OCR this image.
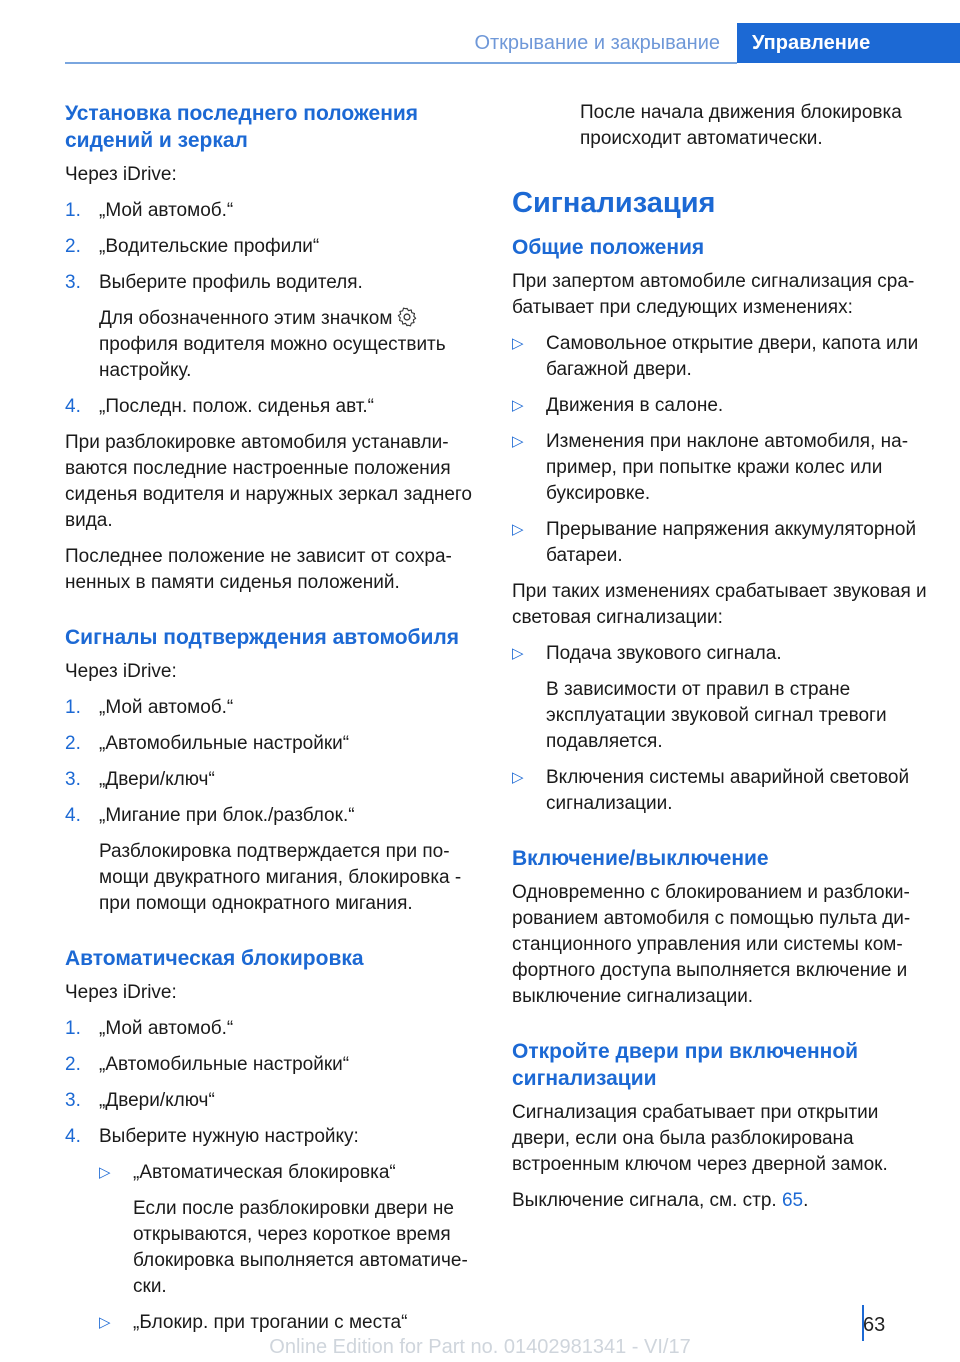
Открывание и закрывание	Управление
Установка последнего положения сидений и зеркал
Через iDrive:
1. „Мой автомоб.“
2. „Водительские профили“
3. Выберите профиль водителя.
Для обозначенного этим значком
профиля водителя можно осуществить настройку.
4. „Последн. полож. сиденья авт.“
При разблокировке автомобиля устанавливаются последние настроенные положения сиденья водителя и наружных зеркал заднего вида.
Последнее положение не зависит от сохраненных в памяти сиденья положений.
Сигналы подтверждения автомобиля
Через iDrive:
1. „Мой автомоб.“
2. „Автомобильные настройки“
3. „Двери/ключ“
4. „Мигание при блок./разблок.“
Разблокировка подтверждается при помощи двукратного мигания, блокировка - при помощи однократного мигания.
Автоматическая блокировка
Через iDrive:
1. „Мой автомоб.“
2. „Автомобильные настройки“
3. „Двери/ключ“
4. Выберите нужную настройку:
▷	„Автоматическая блокировка“
Если после разблокировки двери не открываются, через короткое время блокировка выполняется автоматически.
▷	„Блокир. при трогании с места“
После начала движения блокировка происходит автоматически.
Сигнализация
Общие положения
При запертом автомобиле сигнализация срабатывает при следующих изменениях:
▷	Самовольное открытие двери, капота или багажной двери.
▷	Движения в салоне.
▷	Изменения при наклоне автомобиля, например, при попытке кражи колес или буксировке.
▷	Прерывание напряжения аккумуляторной батареи.
При таких изменениях срабатывает звуковая и световая сигнализации:
▷	Подача звукового сигнала.
В зависимости от правил в стране эксплуатации звуковой сигнал тревоги подавляется.
▷	Включения системы аварийной световой сигнализации.
Включение/выключение
Одновременно с блокированием и разблокированием автомобиля с помощью пульта дистанционного управления или системы комфортного доступа выполняется включение и выключение сигнализации.
Откройте двери при включенной сигнализации
Сигнализация срабатывает при открытии двери, если она была разблокирована встроенным ключом через дверной замок.
Выключение сигнала, см. стр. 65.
63
Online Edition for Part no. 01402981341 - VI/17
